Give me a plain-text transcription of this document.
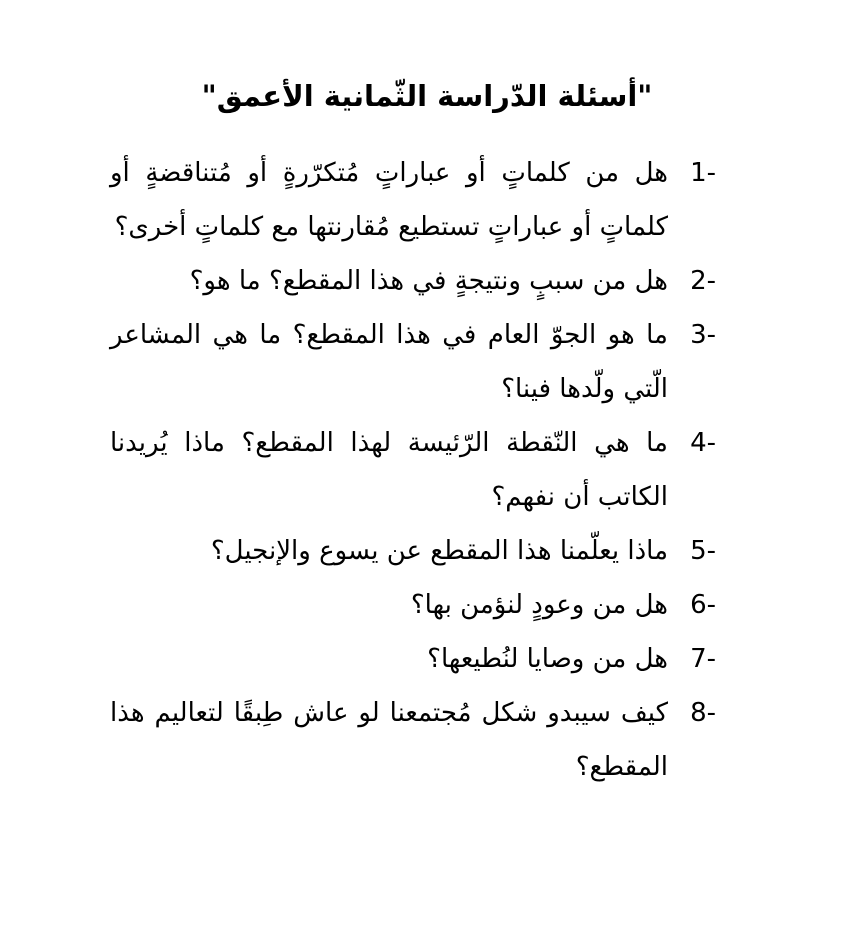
"أسئلة الدّراسة الثّمانية الأعمق"
1-
هل من كلماتٍ أو عباراتٍ مُتكرّرةٍ أو مُتناقضةٍ أو كلماتٍ أو عباراتٍ تستطيع مُقارنتها مع كلماتٍ أخرى؟
2-
هل من سببٍ ونتيجةٍ في هذا المقطع؟ ما هو؟
3-
ما هو الجوّ العام في هذا المقطع؟ ما هي المشاعر الّتي ولّدها فينا؟
4-
ما هي النّقطة الرّئيسة لهذا المقطع؟ ماذا يُريدنا الكاتب أن نفهم؟
5-
ماذا يعلّمنا هذا المقطع عن يسوع والإنجيل؟
6-
هل من وعودٍ لنؤمن بها؟
7-
هل من وصايا لنُطيعها؟
8-
كيف سيبدو شكل مُجتمعنا لو عاش طِبقًا لتعاليم هذا المقطع؟
